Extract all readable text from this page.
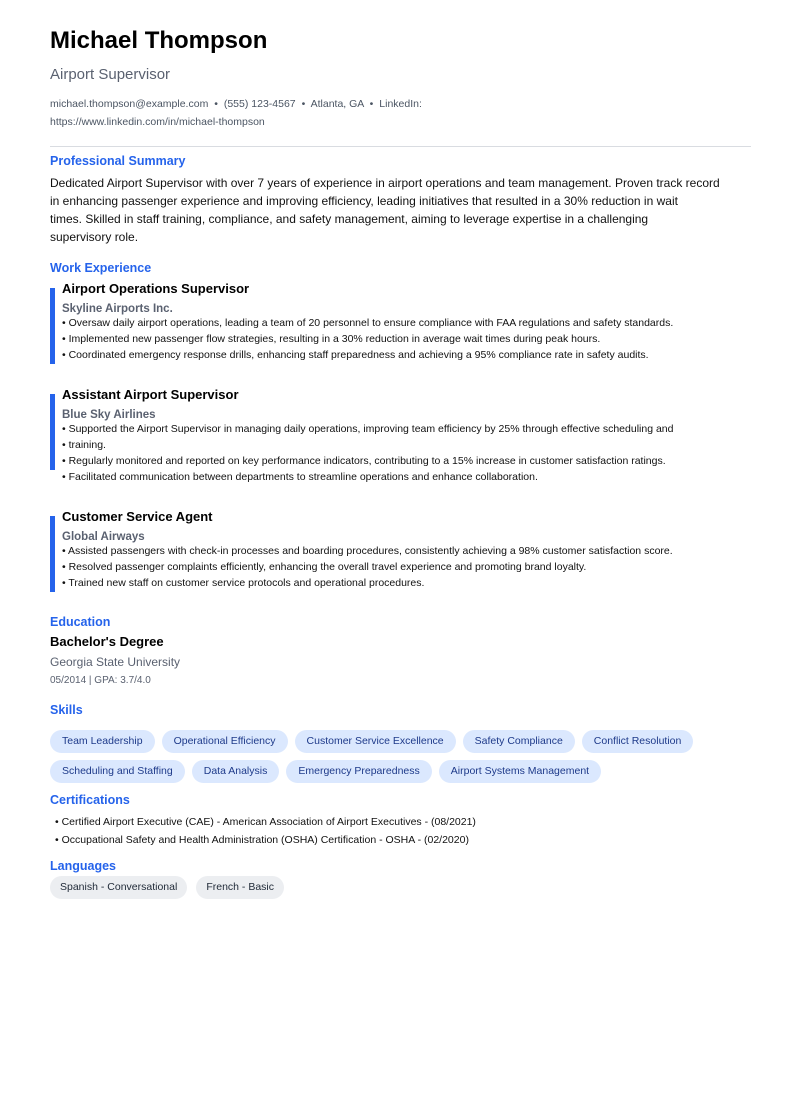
Michael Thompson
Airport Supervisor
michael.thompson@example.com • (555) 123-4567 • Atlanta, GA • LinkedIn:
https://www.linkedin.com/in/michael-thompson
Professional Summary
Dedicated Airport Supervisor with over 7 years of experience in airport operations and team management. Proven track record
in enhancing passenger experience and improving efficiency, leading initiatives that resulted in a 30% reduction in wait
times. Skilled in staff training, compliance, and safety management, aiming to leverage expertise in a challenging
supervisory role.
Work Experience
Airport Operations Supervisor
Skyline Airports Inc.
• Oversaw daily airport operations, leading a team of 20 personnel to ensure compliance with FAA regulations and safety standards.
• Implemented new passenger flow strategies, resulting in a 30% reduction in average wait times during peak hours.
• Coordinated emergency response drills, enhancing staff preparedness and achieving a 95% compliance rate in safety audits.
Assistant Airport Supervisor
Blue Sky Airlines
• Supported the Airport Supervisor in managing daily operations, improving team efficiency by 25% through effective scheduling and
• training.
• Regularly monitored and reported on key performance indicators, contributing to a 15% increase in customer satisfaction ratings.
• Facilitated communication between departments to streamline operations and enhance collaboration.
Customer Service Agent
Global Airways
• Assisted passengers with check-in processes and boarding procedures, consistently achieving a 98% customer satisfaction score.
• Resolved passenger complaints efficiently, enhancing the overall travel experience and promoting brand loyalty.
• Trained new staff on customer service protocols and operational procedures.
Education
Bachelor's Degree
Georgia State University
05/2014 | GPA: 3.7/4.0
Skills
Team Leadership	Operational Efficiency	Customer Service Excellence	Safety Compliance	Conflict Resolution
Scheduling and Staffing	Data Analysis	Emergency Preparedness	Airport Systems Management
Certifications
• Certified Airport Executive (CAE) - American Association of Airport Executives - (08/2021)
• Occupational Safety and Health Administration (OSHA) Certification - OSHA - (02/2020)
Languages
Spanish - Conversational	French - Basic
